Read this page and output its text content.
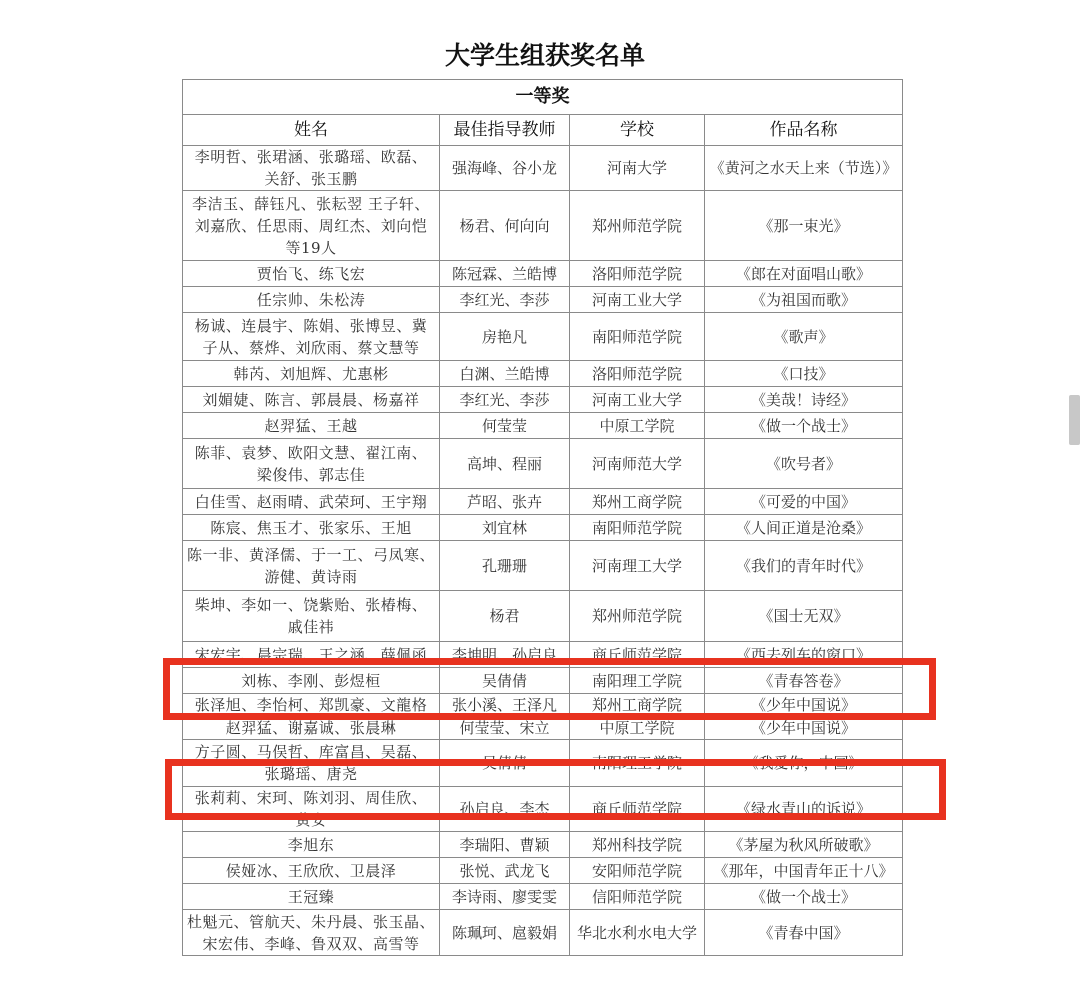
大学生组获奖名单
一等奖			
姓名	最佳指导教师	学校	作品名称

李明哲、张珺涵、张璐瑶、欧磊、
关舒、张玉鹏	强海峰、谷小龙	河南大学	《黄河之水天上来（节选）》

李洁玉、薛钰凡、张耘翌 王子轩、
刘嘉欣、任思雨、周红杰、刘向恺
等19人	杨君、何向向	郑州师范学院	《那一束光》

贾怡飞、练飞宏	陈冠霖、兰皓博	洛阳师范学院	《郎在对面唱山歌》

任宗帅、朱松涛	李红光、李莎	河南工业大学	《为祖国而歌》

杨诚、连晨宇、陈娟、张博昱、冀
子从、蔡烨、刘欣雨、蔡文慧等	房艳凡	南阳师范学院	《歌声》

韩芮、刘旭辉、尤惠彬	白渊、兰皓博	洛阳师范学院	《口技》

刘媚婕、陈言、郭晨晨、杨嘉祥	李红光、李莎	河南工业大学	《美哉！诗经》

赵羿猛、王越	何莹莹	中原工学院	《做一个战士》

陈菲、袁梦、欧阳文慧、翟江南、
梁俊伟、郭志佳	高坤、程丽	河南师范大学	《吹号者》

白佳雪、赵雨晴、武荣珂、王宇翔	芦昭、张卉	郑州工商学院	《可爱的中国》

陈宸、焦玉才、张家乐、王旭	刘宜林	南阳师范学院	《人间正道是沧桑》

陈一非、黄泽儒、于一工、弓凤寒、
游健、黄诗雨	孔珊珊	河南理工大学	《我们的青年时代》

柴坤、李如一、饶紫贻、张椿梅、
戚佳祎	杨君	郑州师范学院	《国士无双》

宋宏宇、晨宗瑞、王之涵、薛佩函	李坤明、孙启良	商丘师范学院	《西去列车的窗口》

刘栋、李刚、彭煜桓	吴倩倩	南阳理工学院	《青春答卷》

张泽旭、李怡柯、郑凯豪、文龍格	张小溪、王泽凡	郑州工商学院	《少年中国说》

赵羿猛、谢嘉诚、张晨琳	何莹莹、宋立	中原工学院	《少年中国说》

方子圆、马俣哲、库富昌、吴磊、
张璐瑶、唐尧	吴倩倩	南阳理工学院	《我爱你，中国》

张莉莉、宋珂、陈刘羽、周佳欣、
黄安	孙启良、李杰	商丘师范学院	《绿水青山的诉说》

李旭东	李瑞阳、曹颖	郑州科技学院	《茅屋为秋风所破歌》

侯娅冰、王欣欣、卫晨泽	张悦、武龙飞	安阳师范学院	《那年，中国青年正十八》

王冠臻	李诗雨、廖雯雯	信阳师范学院	《做一个战士》

杜魁元、管航天、朱丹晨、张玉晶、
宋宏伟、李峰、鲁双双、高雪等	陈珮珂、扈毅娟	华北水利水电大学	《青春中国》
